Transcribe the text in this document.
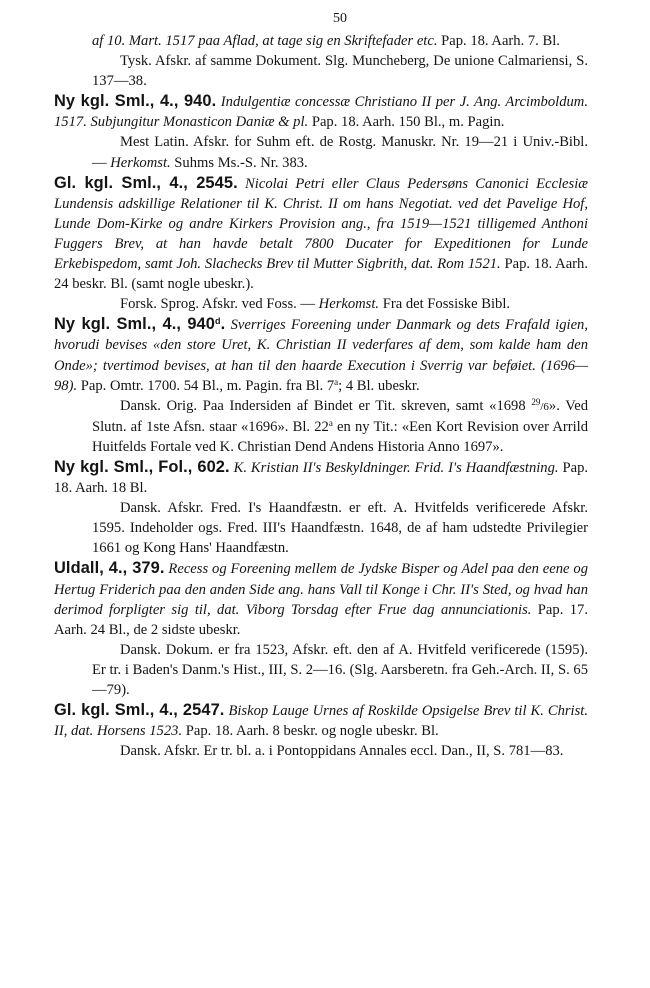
50

af 10. Mart. 1517 paa Aflad, at tage sig en Skriftefader etc. Pap. 18. Aarh. 7. Bl.

Tysk. Afskr. af samme Dokument. Slg. Muncheberg, De unione Calmariensi, S. 137—38.

Ny kgl. Sml., 4., 940. Indulgentiæ concessæ Christiano II per J. Ang. Arcimboldum. 1517. Subjungitur Monasticon Daniæ & pl. Pap. 18. Aarh. 150 Bl., m. Pagin.

Mest Latin. Afskr. for Suhm eft. de Rostg. Manuskr. Nr. 19—21 i Univ.-Bibl. — Herkomst. Suhms Ms.-S. Nr. 383.

Gl. kgl. Sml., 4., 2545. Nicolai Petri eller Claus Pedersøns Canonici Ecclesiæ Lundensis adskillige Relationer til K. Christ. II om hans Negotiat. ved det Pavelige Hof, Lunde Dom-Kirke og andre Kirkers Provision ang., fra 1519—1521 tilligemed Anthoni Fuggers Brev, at han havde betalt 7800 Ducater for Expeditionen for Lunde Erkebispedom, samt Joh. Slachecks Brev til Mutter Sigbrith, dat. Rom 1521. Pap. 18. Aarh. 24 beskr. Bl. (samt nogle ubeskr.).

Forsk. Sprog. Afskr. ved Foss. — Herkomst. Fra det Fossiske Bibl.

Ny kgl. Sml., 4., 940$^d$. Sverriges Foreening under Danmark og dets Frafald igien, hvorudi bevises «den store Uret, K. Christian II vederfares af dem, som kalde ham den Onde»; tvertimod bevises, at han til den haarde Execution i Sverrig var beføiet. (1696—98). Pap. Omtr. 1700. 54 Bl., m. Pagin. fra Bl. 7$^a$; 4 Bl. ubeskr.

Dansk. Orig. Paa Indersiden af Bindet er Tit. skreven, samt «1698 $^{29}$/6». Ved Slutn. af 1ste Afsn. staar «1696». Bl. 22$^a$ en ny Tit.: «Een Kort Revision over Arrild Huitfelds Fortale ved K. Christian Dend Andens Historia Anno 1697».

Ny kgl. Sml., Fol., 602. K. Kristian II's Beskyldninger. Frid. I's Haandfæstning. Pap. 18. Aarh. 18 Bl.

Dansk. Afskr. Fred. I's Haandfæstn. er eft. A. Hvitfelds verificerede Afskr. 1595. Indeholder ogs. Fred. III's Haandfæstn. 1648, de af ham udstedte Privilegier 1661 og Kong Hans' Haandfæstn.

Uldall, 4., 379. Recess og Foreening mellem de Jydske Bisper og Adel paa den eene og Hertug Friderich paa den anden Side ang. hans Vall til Konge i Chr. II's Sted, og hvad han derimod forpligter sig til, dat. Viborg Torsdag efter Frue dag annunciationis. Pap. 17. Aarh. 24 Bl., de 2 sidste ubeskr.

Dansk. Dokum. er fra 1523, Afskr. eft. den af A. Hvitfeld verificerede (1595). Er tr. i Baden's Danm.'s Hist., III, S. 2—16. (Slg. Aarsberetn. fra Geh.-Arch. II, S. 65—79).

Gl. kgl. Sml., 4., 2547. Biskop Lauge Urnes af Roskilde Opsigelse Brev til K. Christ. II, dat. Horsens 1523. Pap. 18. Aarh. 8 beskr. og nogle ubeskr. Bl.

Dansk. Afskr. Er tr. bl. a. i Pontoppidans Annales eccl. Dan., II, S. 781—83.
